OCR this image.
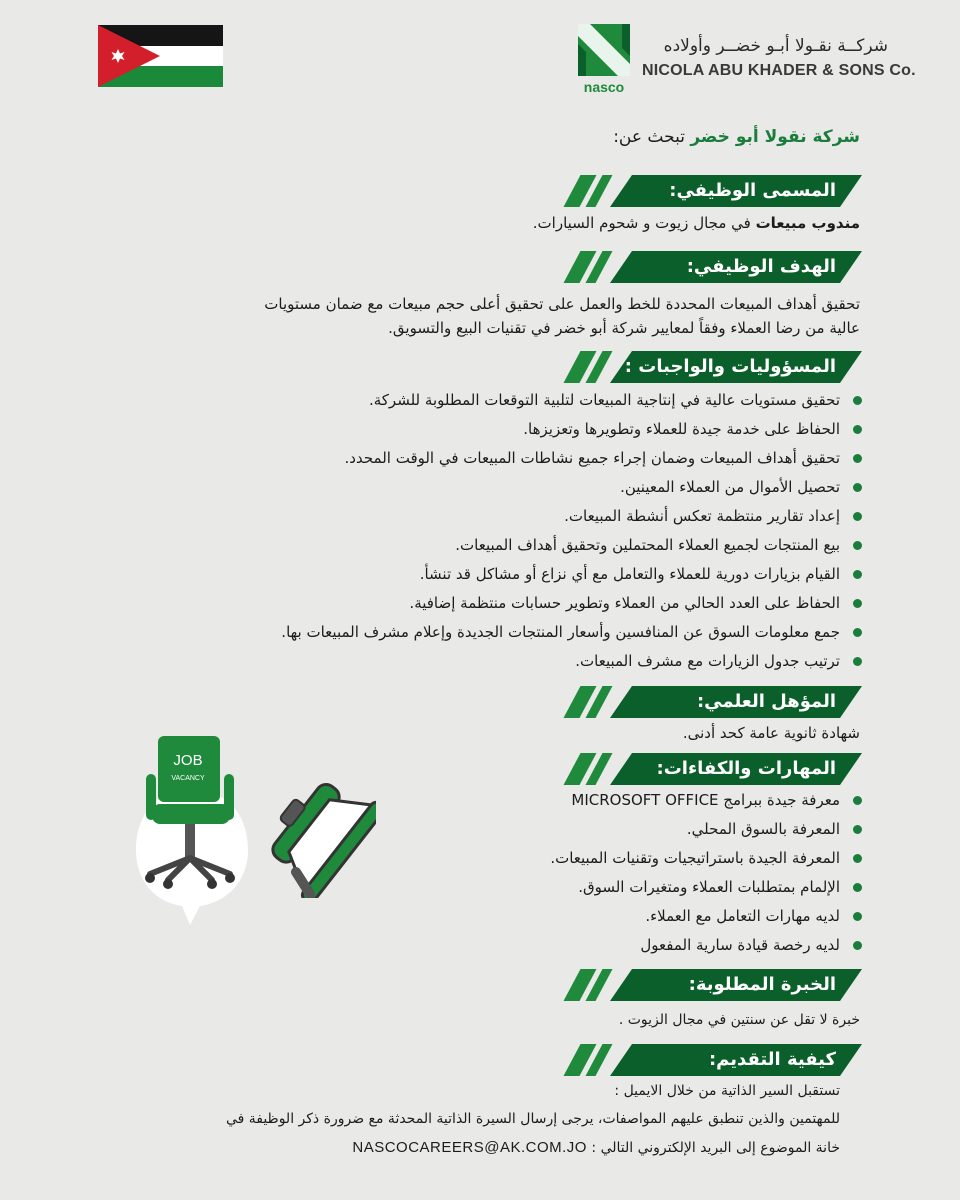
nasco
شركــة نقـولا أبـو خضــر وأولاده
NICOLA ABU KHADER & SONS Co.
شركة نقولا أبو خضر تبحث عن:
المسمى الوظيفي:
مندوب مبيعات في مجال زيوت و شحوم السيارات.
الهدف الوظيفي:
تحقيق أهداف المبيعات المحددة للخط والعمل على تحقيق أعلى حجم مبيعات مع ضمان مستويات
عالية من رضا العملاء وفقاً لمعايير شركة أبو خضر في تقنيات البيع والتسويق.
المسؤوليات والواجبات :
تحقيق مستويات عالية في إنتاجية المبيعات لتلبية التوقعات المطلوبة للشركة.
الحفاظ على خدمة جيدة للعملاء وتطويرها وتعزيزها.
تحقيق أهداف المبيعات وضمان إجراء جميع نشاطات المبيعات في الوقت المحدد.
تحصيل الأموال من العملاء المعينين.
إعداد تقارير منتظمة تعكس أنشطة المبيعات.
بيع المنتجات لجميع العملاء المحتملين وتحقيق أهداف المبيعات.
القيام بزيارات دورية للعملاء والتعامل مع أي نزاع أو مشاكل قد تنشأ.
الحفاظ على العدد الحالي من العملاء وتطوير حسابات منتظمة إضافية.
جمع معلومات السوق عن المنافسين وأسعار المنتجات الجديدة وإعلام مشرف المبيعات بها.
ترتيب جدول الزيارات مع مشرف المبيعات.
المؤهل العلمي:
شهادة ثانوية عامة كحد أدنى.
المهارات والكفاءات:
معرفة جيدة ببرامج MICROSOFT OFFICE
المعرفة بالسوق المحلي.
المعرفة الجيدة باستراتيجيات وتقنيات المبيعات.
الإلمام بمتطلبات العملاء ومتغيرات السوق.
لديه مهارات التعامل مع العملاء.
لديه رخصة قيادة سارية المفعول
الخبرة المطلوبة:
خبرة لا تقل عن سنتين في مجال الزيوت .
كيفية التقديم:
تستقبل السير الذاتية من خلال الايميل :
للمهتمين والذين تنطبق عليهم المواصفات، يرجى إرسال السيرة الذاتية المحدثة مع ضرورة ذكر الوظيفة في
خانة الموضوع إلى البريد الإلكتروني التالي : NASCOCAREERS@AK.COM.JO
JOB
VACANCY
